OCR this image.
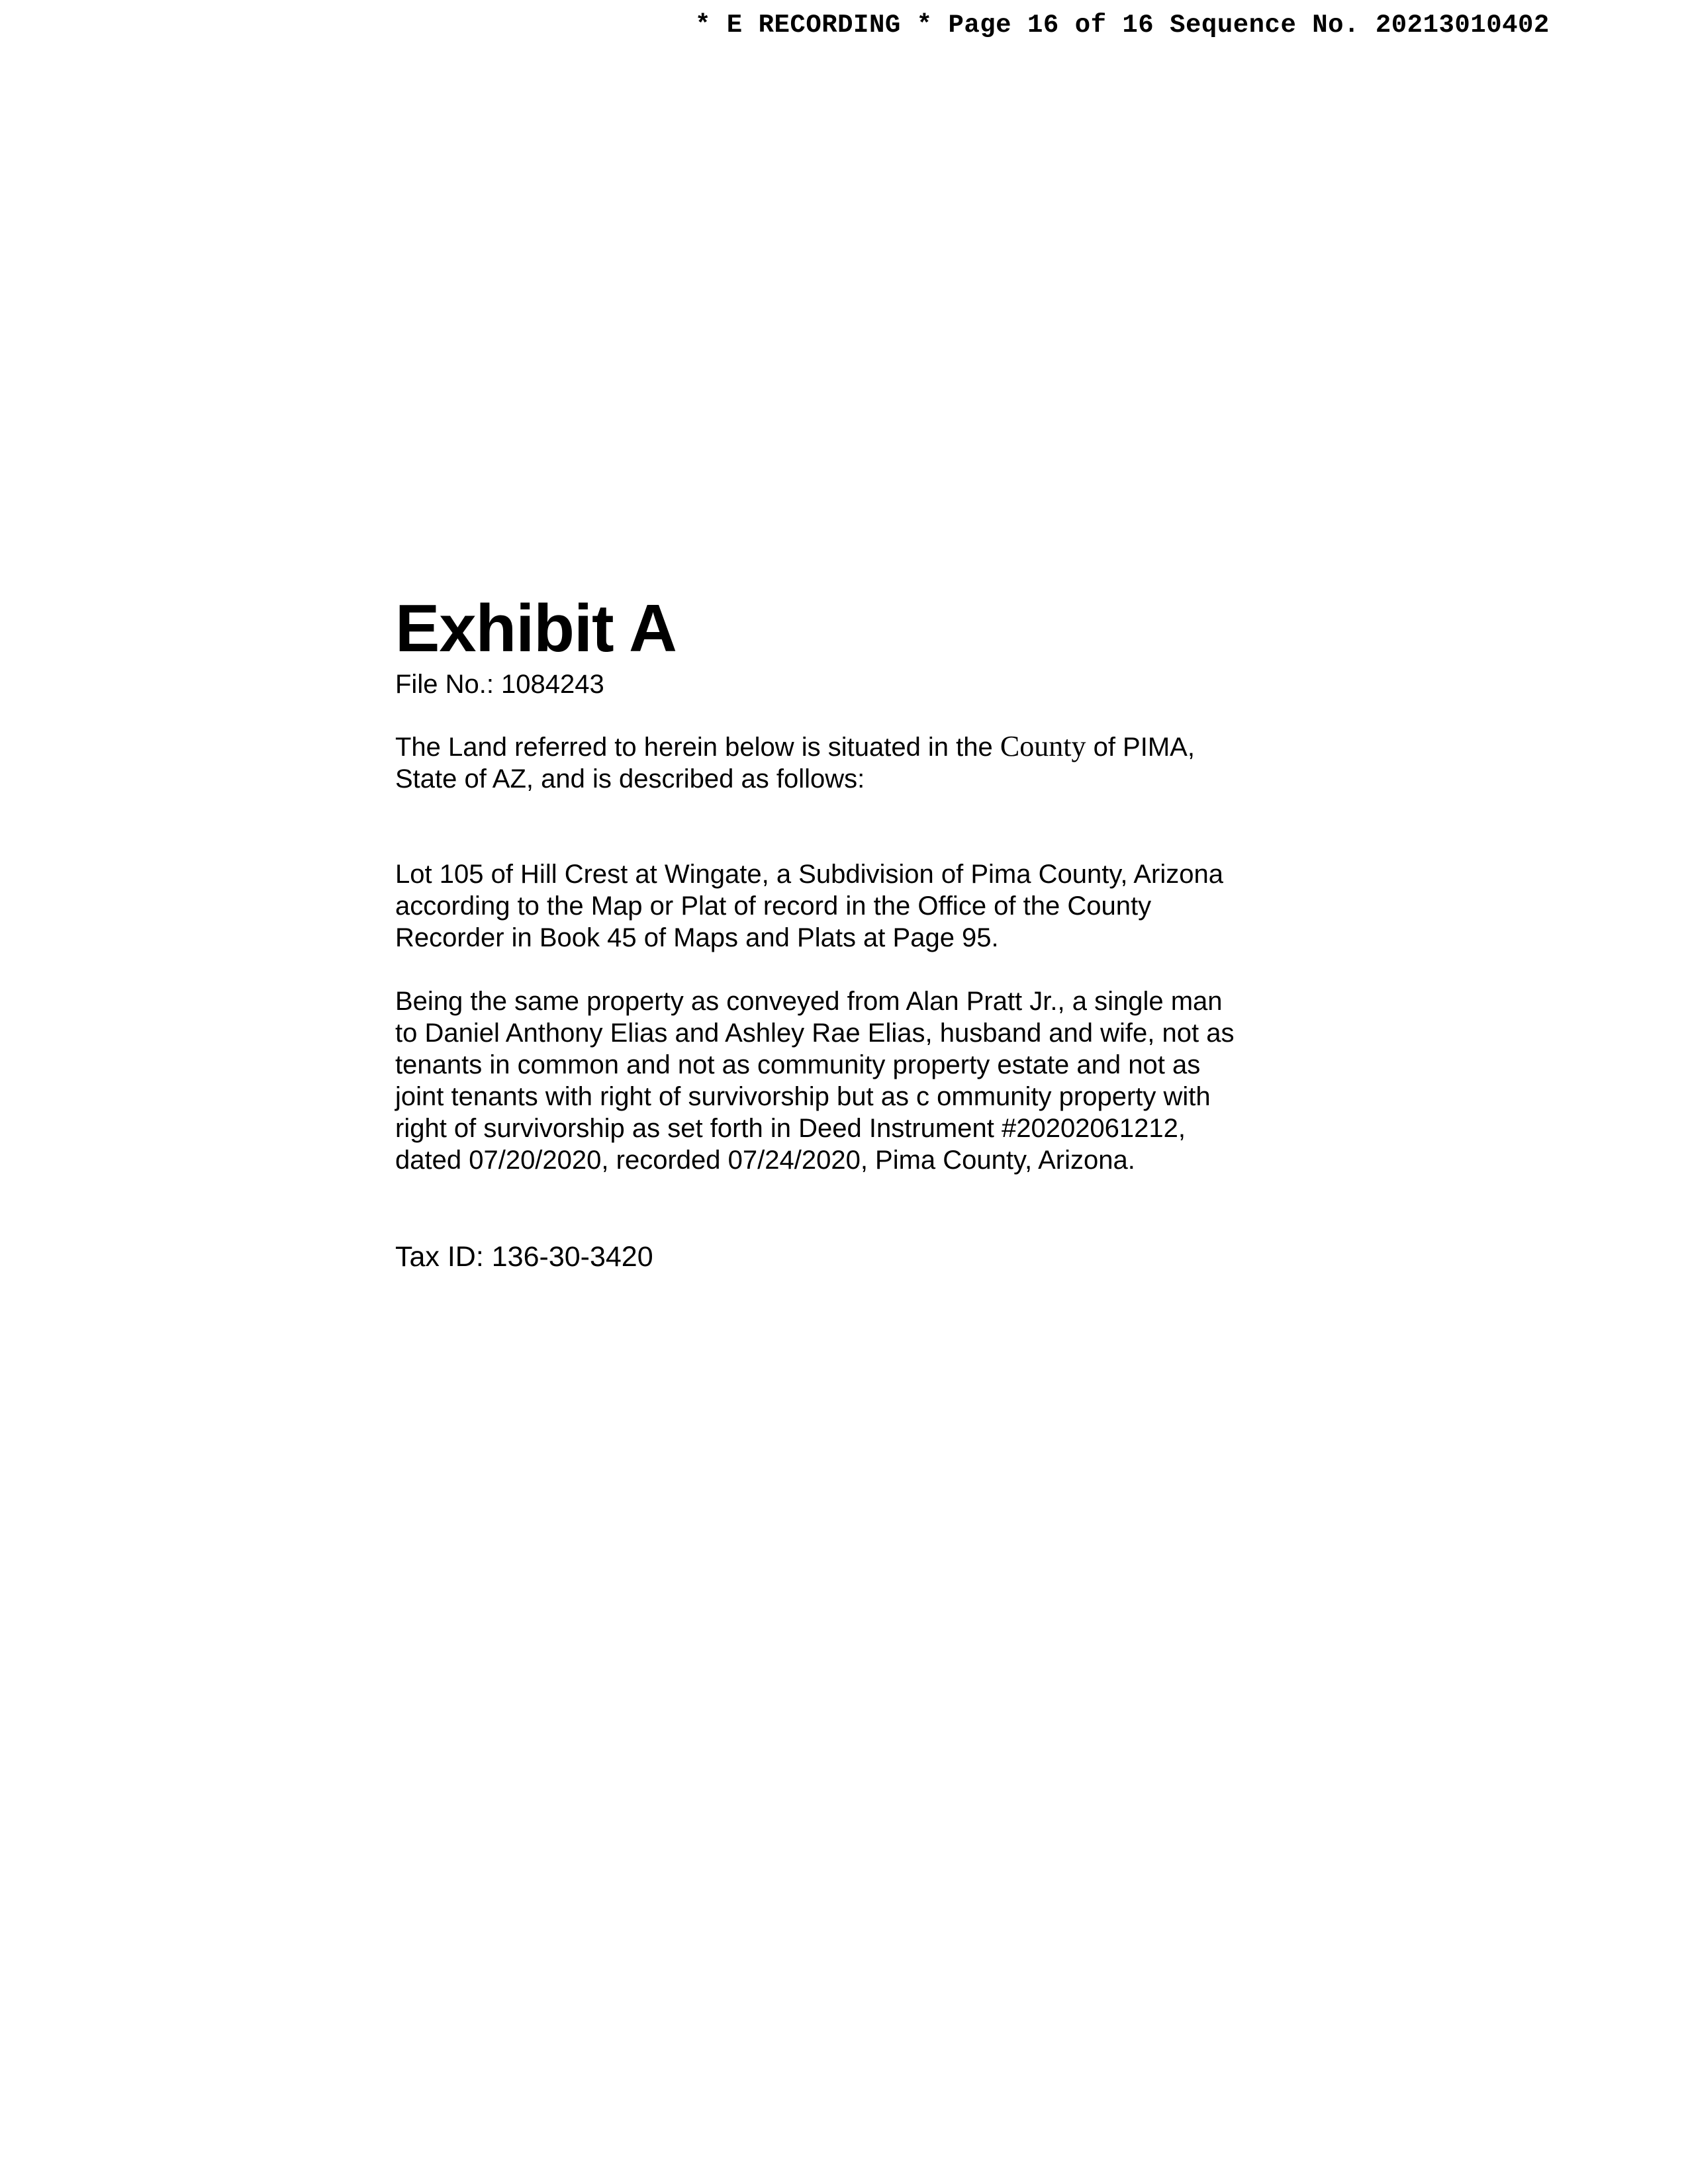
* E RECORDING * Page 16 of 16 Sequence No. 20213010402
Exhibit A
File No.: 1084243
The Land referred to herein below is situated in the County of PIMA,
State of AZ, and is described as follows:
Lot 105 of Hill Crest at Wingate, a Subdivision of Pima County, Arizona
according to the Map or Plat of record in the Office of the County
Recorder in Book 45 of Maps and Plats at Page 95.
Being the same property as conveyed from Alan Pratt Jr., a single man
to Daniel Anthony Elias and Ashley Rae Elias, husband and wife, not as
tenants in common and not as community property estate and not as
joint tenants with right of survivorship but as c ommunity property with
right of survivorship as set forth in Deed Instrument #20202061212,
dated 07/20/2020, recorded 07/24/2020, Pima County, Arizona.
Tax ID: 136-30-3420
